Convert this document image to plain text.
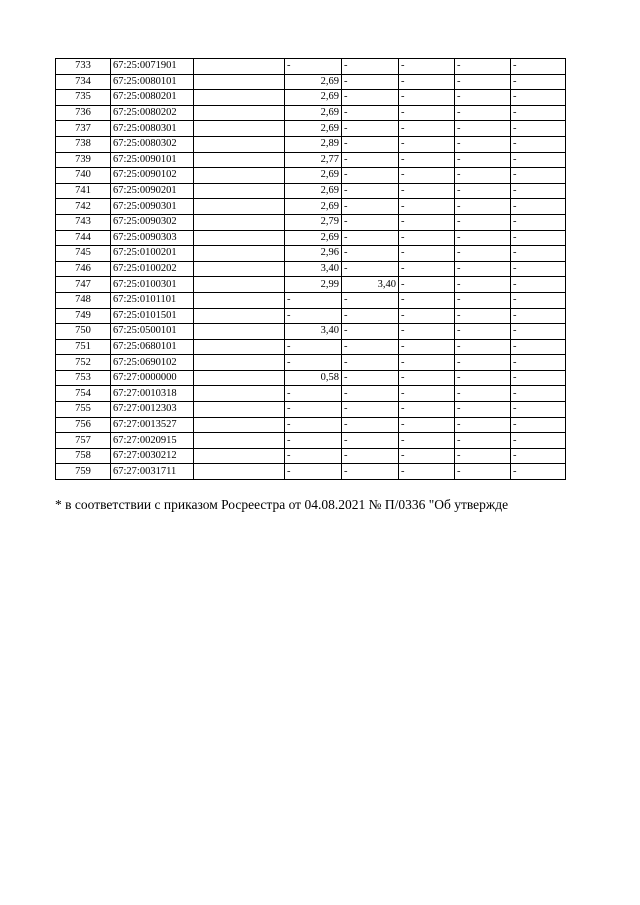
733	67:25:0071901		-	-	-	-	-
734	67:25:0080101		2,69	-	-	-	-
735	67:25:0080201		2,69	-	-	-	-
736	67:25:0080202		2,69	-	-	-	-
737	67:25:0080301		2,69	-	-	-	-
738	67:25:0080302		2,89	-	-	-	-
739	67:25:0090101		2,77	-	-	-	-
740	67:25:0090102		2,69	-	-	-	-
741	67:25:0090201		2,69	-	-	-	-
742	67:25:0090301		2,69	-	-	-	-
743	67:25:0090302		2,79	-	-	-	-
744	67:25:0090303		2,69	-	-	-	-
745	67:25:0100201		2,96	-	-	-	-
746	67:25:0100202		3,40	-	-	-	-
747	67:25:0100301		2,99	3,40	-	-	-
748	67:25:0101101		-	-	-	-	-
749	67:25:0101501		-	-	-	-	-
750	67:25:0500101		3,40	-	-	-	-
751	67:25:0680101		-	-	-	-	-
752	67:25:0690102		-	-	-	-	-
753	67:27:0000000		0,58	-	-	-	-
754	67:27:0010318		-	-	-	-	-
755	67:27:0012303		-	-	-	-	-
756	67:27:0013527		-	-	-	-	-
757	67:27:0020915		-	-	-	-	-
758	67:27:0030212		-	-	-	-	-
759	67:27:0031711		-	-	-	-	-
* в соответствии с приказом Росреестра от 04.08.2021 № П/0336 "Об утвержде
